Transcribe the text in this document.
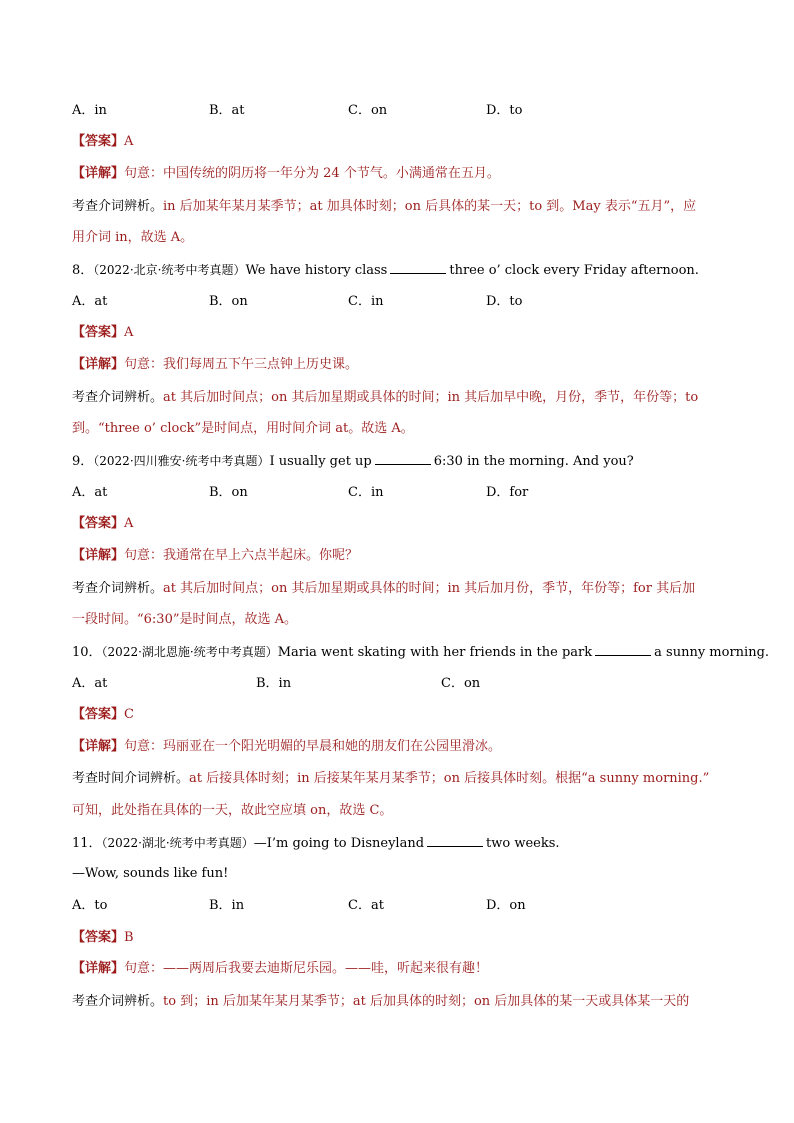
A．in	B．at	C．on	D．to
【答案】A
【详解】句意：中国传统的阴历将一年分为 24 个节气。小满通常在五月。
考查介词辨析。in 后加某年某月某季节；at 加具体时刻；on 后具体的某一天；to 到。May 表示“五月”，应
用介词 in，故选 A。
8．（2022·北京·统考中考真题）We have history class	three o’ clock every Friday afternoon.
A．at	B．on	C．in	D．to
【答案】A
【详解】句意：我们每周五下午三点钟上历史课。
考查介词辨析。at 其后加时间点；on 其后加星期或具体的时间；in 其后加早中晚，月份，季节，年份等；to
到。“three o’ clock”是时间点，用时间介词 at。故选 A。
9．（2022·四川雅安·统考中考真题）I usually get up	6:30 in the morning. And you?
A．at	B．on	C．in	D．for
【答案】A
【详解】句意：我通常在早上六点半起床。你呢？
考查介词辨析。at 其后加时间点；on 其后加星期或具体的时间；in 其后加月份，季节，年份等；for 其后加
一段时间。“6:30”是时间点，故选 A。
10．（2022·湖北恩施·统考中考真题）Maria went skating with her friends in the park	a sunny morning.
A．at	B．in	C．on
【答案】C
【详解】句意：玛丽亚在一个阳光明媚的早晨和她的朋友们在公园里滑冰。
考查时间介词辨析。at 后接具体时刻；in 后接某年某月某季节；on 后接具体时刻。根据“a sunny morning.”
可知，此处指在具体的一天，故此空应填 on，故选 C。
11．（2022·湖北·统考中考真题）—I’m going to Disneyland	two weeks.
—Wow, sounds like fun!
A．to	B．in	C．at	D．on
【答案】B
【详解】句意：——两周后我要去迪斯尼乐园。——哇，听起来很有趣！
考查介词辨析。to 到；in 后加某年某月某季节；at 后加具体的时刻；on 后加具体的某一天或具体某一天的
